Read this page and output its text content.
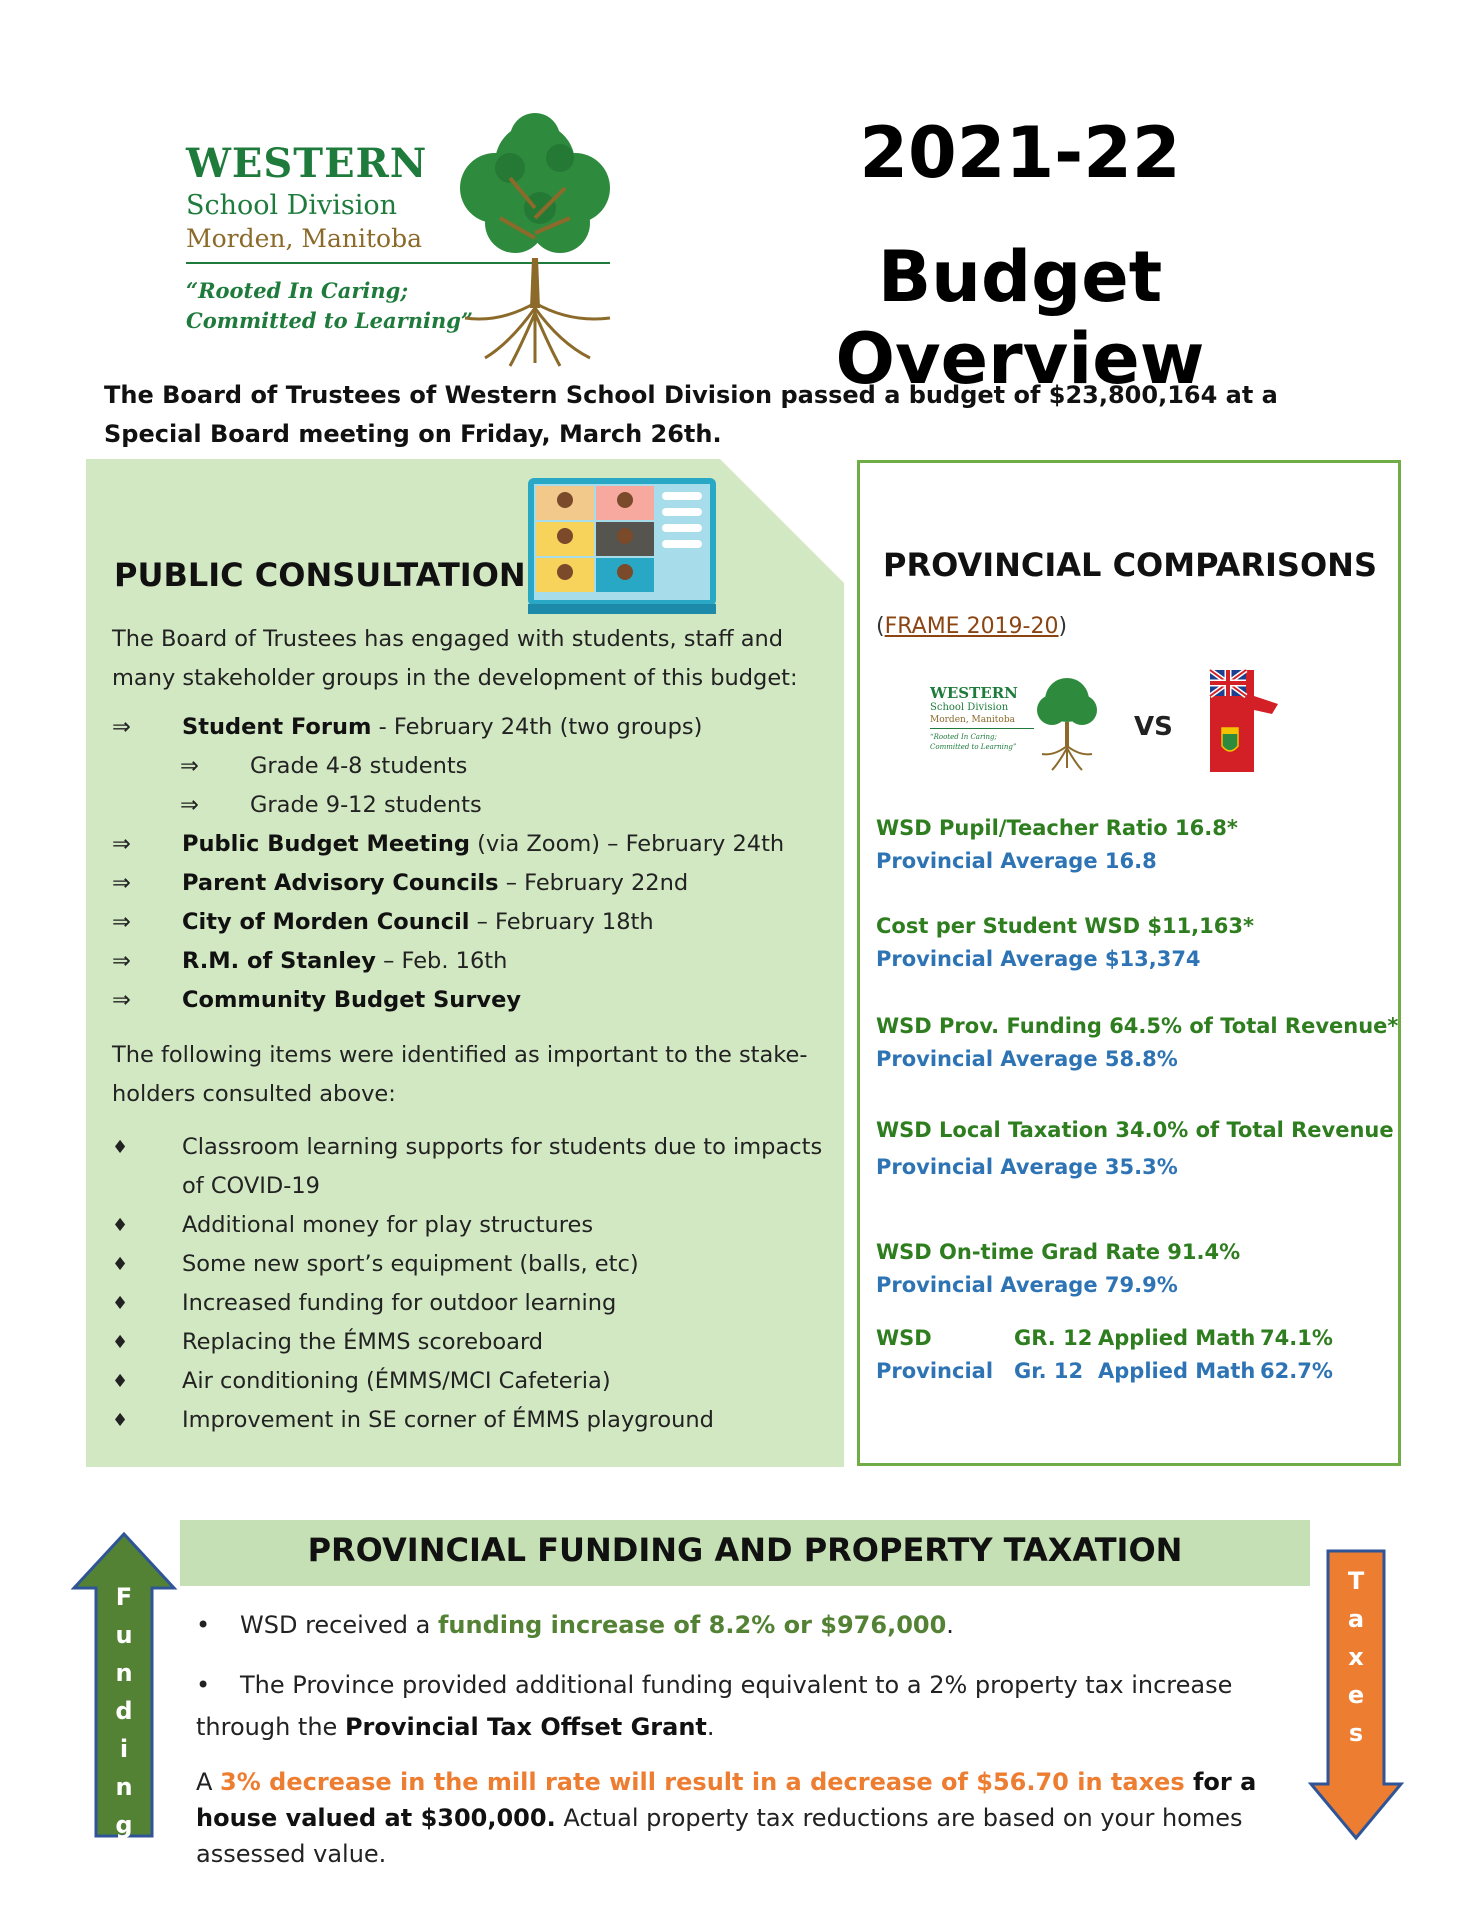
WESTERN
School Division
Morden, Manitoba
“Rooted In Caring;
Committed to Learning”
2021-22
Budget Overview
The Board of Trustees of Western School Division passed a budget of $23,800,164 at a Special Board meeting on Friday, March 26th.
PUBLIC CONSULTATION
The Board of Trustees has engaged with students, staff and many stakeholder groups in the development of this budget:
⇒ Student Forum - February 24th (two groups)
⇒ Grade 4-8 students
⇒ Grade 9-12 students
⇒ Public Budget Meeting (via Zoom) – February 24th
⇒ Parent Advisory Councils – February 22nd
⇒ City of Morden Council – February 18th
⇒ R.M. of Stanley – Feb. 16th
⇒ Community Budget Survey
The following items were identified as important to the stake-holders consulted above:
♦ Classroom learning supports for students due to impacts of COVID-19
♦ Additional money for play structures
♦ Some new sport’s equipment (balls, etc)
♦ Increased funding for outdoor learning
♦ Replacing the ÉMMS scoreboard
♦ Air conditioning (ÉMMS/MCI Cafeteria)
♦ Improvement in SE corner of ÉMMS playground
PROVINCIAL COMPARISONS
(FRAME 2019-20)
WESTERN
School Division
Morden, Manitoba
“Rooted In Caring; Committed to Learning”
VS
WSD Pupil/Teacher Ratio 16.8*
Provincial Average 16.8
Cost per Student WSD $11,163*
Provincial Average $13,374
WSD Prov. Funding 64.5% of Total Revenue*
Provincial Average 58.8%
WSD Local Taxation 34.0% of Total Revenue
Provincial Average 35.3%
WSD On-time Grad Rate 91.4%
Provincial Average 79.9%
WSD	GR. 12 Applied Math 74.1%
Provincial Gr. 12 Applied Math 62.7%
PROVINCIAL FUNDING AND PROPERTY TAXATION
F
u
n
d
i
n
g
T
a
x
e
s
• WSD received a funding increase of 8.2% or $976,000.
• The Province provided additional funding equivalent to a 2% property tax increase through the Provincial Tax Offset Grant.
A 3% decrease in the mill rate will result in a decrease of $56.70 in taxes for a house valued at $300,000. Actual property tax reductions are based on your homes assessed value.
